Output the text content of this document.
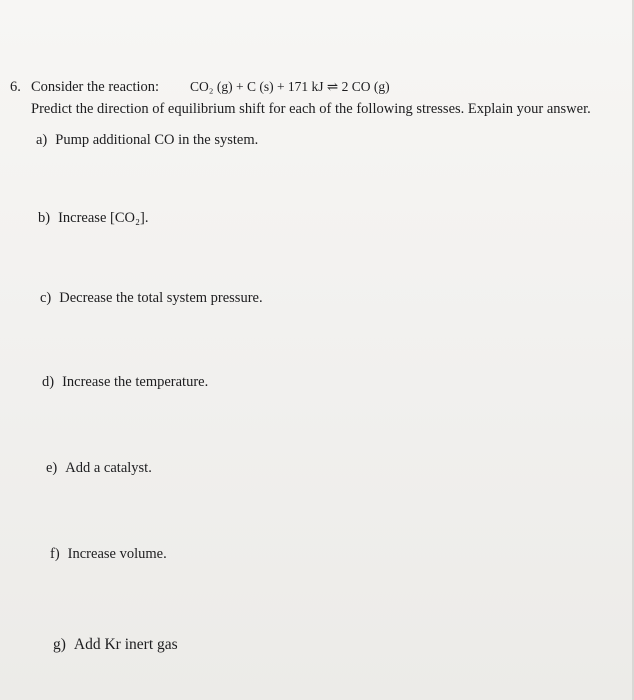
6. Consider the reaction: CO₂ (g) + C (s) + 171 kJ ⇌ 2 CO (g)
Predict the direction of equilibrium shift for each of the following stresses. Explain your answer.
a) Pump additional CO in the system.
b) Increase [CO₂].
c) Decrease the total system pressure.
d) Increase the temperature.
e) Add a catalyst.
f) Increase volume.
g) Add Kr inert gas
